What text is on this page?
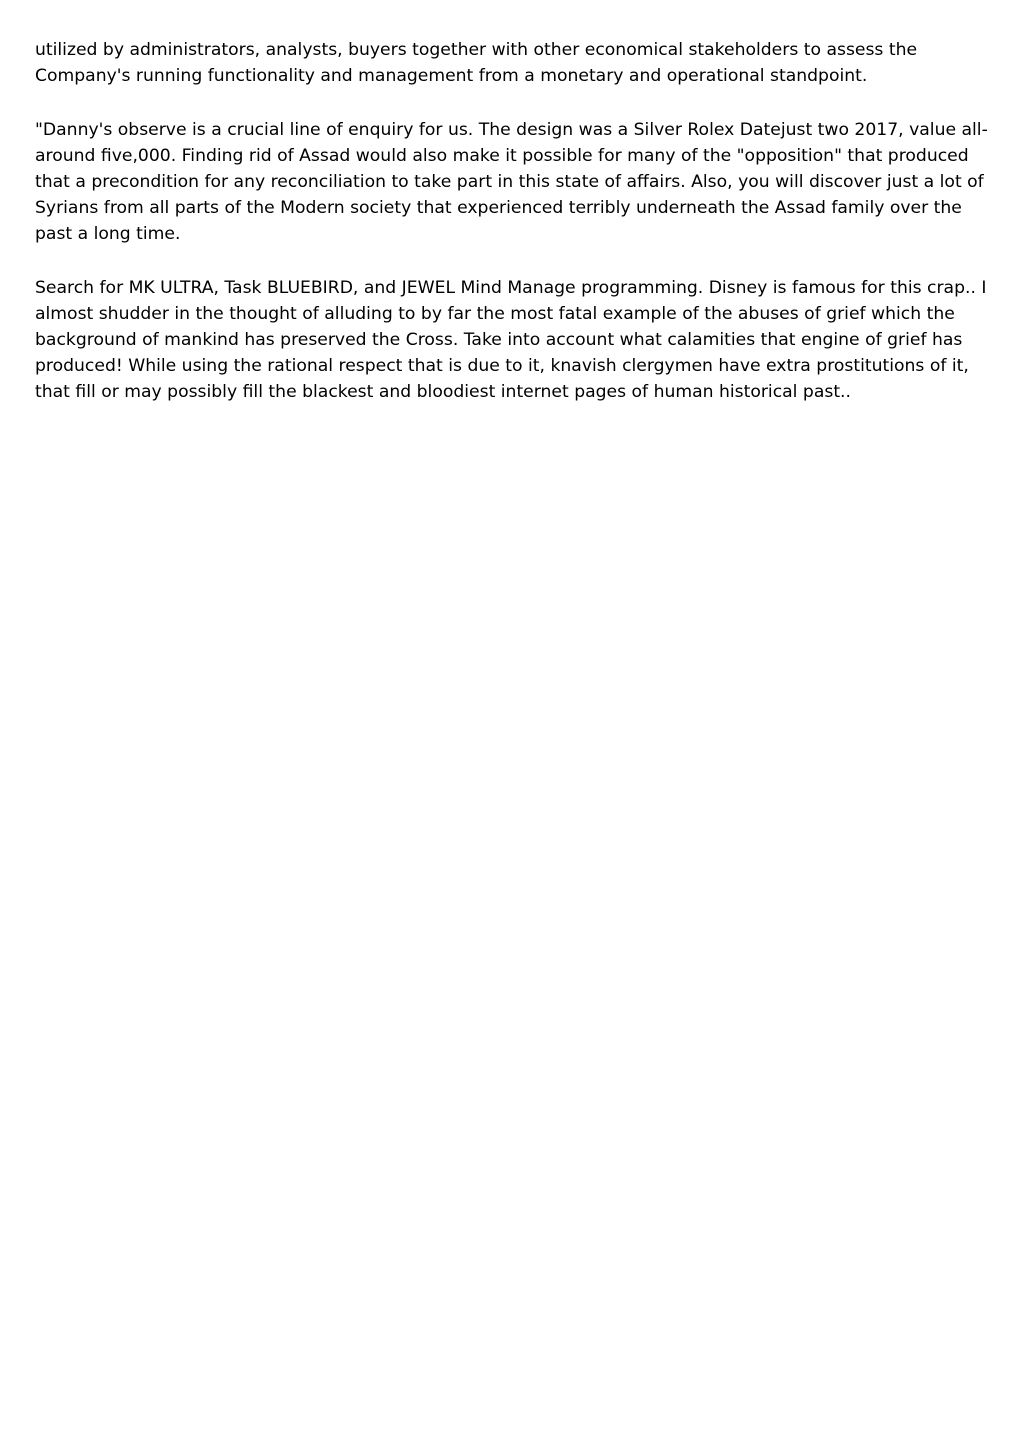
utilized by administrators, analysts, buyers together with other economical stakeholders to assess the Company's running functionality and management from a monetary and operational standpoint.

"Danny's observe is a crucial line of enquiry for us. The design was a Silver Rolex Datejust two 2017, value all-around five,000. Finding rid of Assad would also make it possible for many of the "opposition" that produced that a precondition for any reconciliation to take part in this state of affairs. Also, you will discover just a lot of Syrians from all parts of the Modern society that experienced terribly underneath the Assad family over the past a long time.

Search for MK ULTRA, Task BLUEBIRD, and JEWEL Mind Manage programming. Disney is famous for this crap.. I almost shudder in the thought of alluding to by far the most fatal example of the abuses of grief which the background of mankind has preserved the Cross. Take into account what calamities that engine of grief has produced! While using the rational respect that is due to it, knavish clergymen have extra prostitutions of it, that fill or may possibly fill the blackest and bloodiest internet pages of human historical past..
